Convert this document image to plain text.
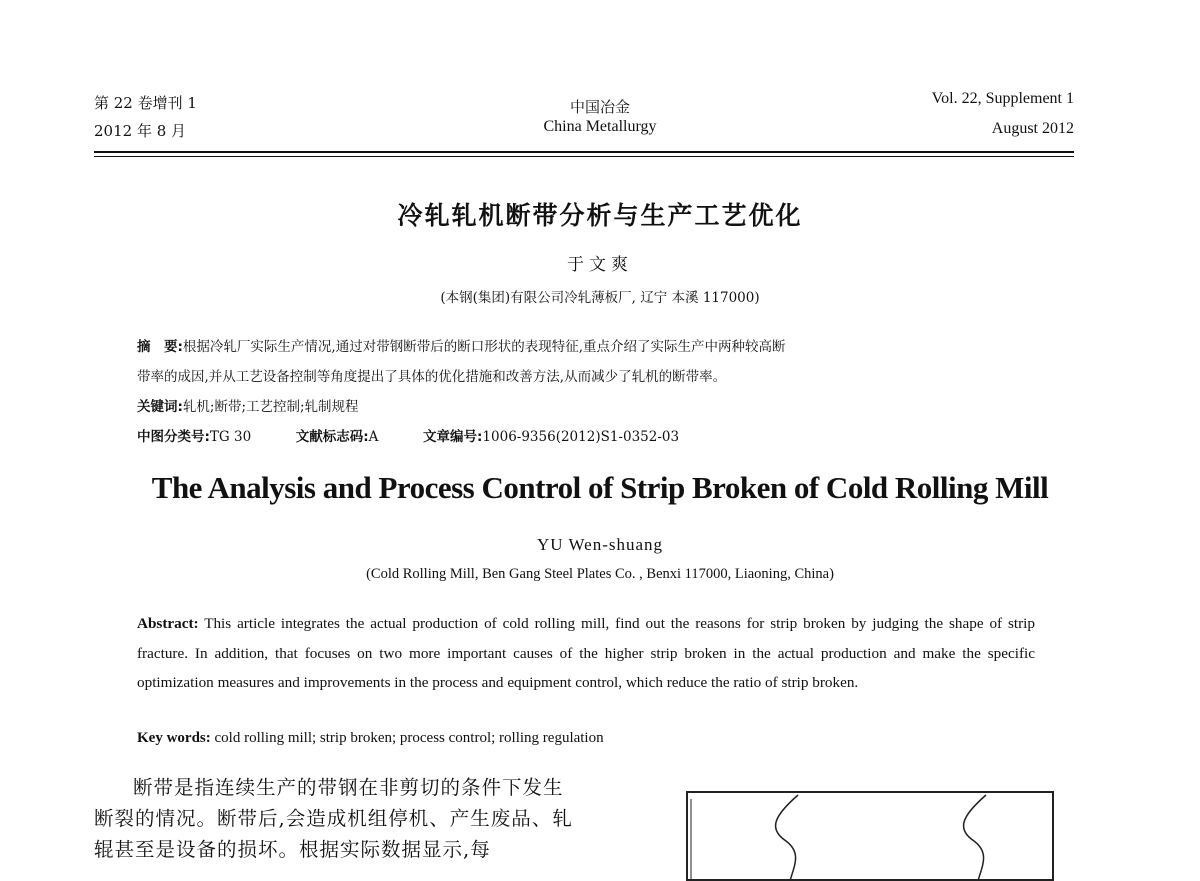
第 22 卷增刊 1
2012 年 8 月
中国冶金
China Metallurgy
Vol. 22, Supplement 1
August 2012
冷轧轧机断带分析与生产工艺优化
于文爽
(本钢(集团)有限公司冷轧薄板厂, 辽宁 本溪 117000)
摘　要:根据冷轧厂实际生产情况,通过对带钢断带后的断口形状的表现特征,重点介绍了实际生产中两种较高断
带率的成因,并从工艺设备控制等角度提出了具体的优化措施和改善方法,从而减少了轧机的断带率。
关键词:轧机;断带;工艺控制;轧制规程
中图分类号:TG 30	文献标志码:A	文章编号:1006-9356(2012)S1-0352-03
The Analysis and Process Control of Strip Broken of Cold Rolling Mill
YU Wen-shuang
(Cold Rolling Mill, Ben Gang Steel Plates Co. , Benxi 117000, Liaoning, China)
Abstract: This article integrates the actual production of cold rolling mill, find out the reasons for strip broken by judging the shape of strip fracture. In addition, that focuses on two more important causes of the higher strip broken in the actual production and make the specific optimization measures and improvements in the process and equipment control, which reduce the ratio of strip broken.
Key words: cold rolling mill; strip broken; process control; rolling regulation
断带是指连续生产的带钢在非剪切的条件下发生断裂的情况。断带后,会造成机组停机、产生废品、轧辊甚至是设备的损坏。根据实际数据显示,每
